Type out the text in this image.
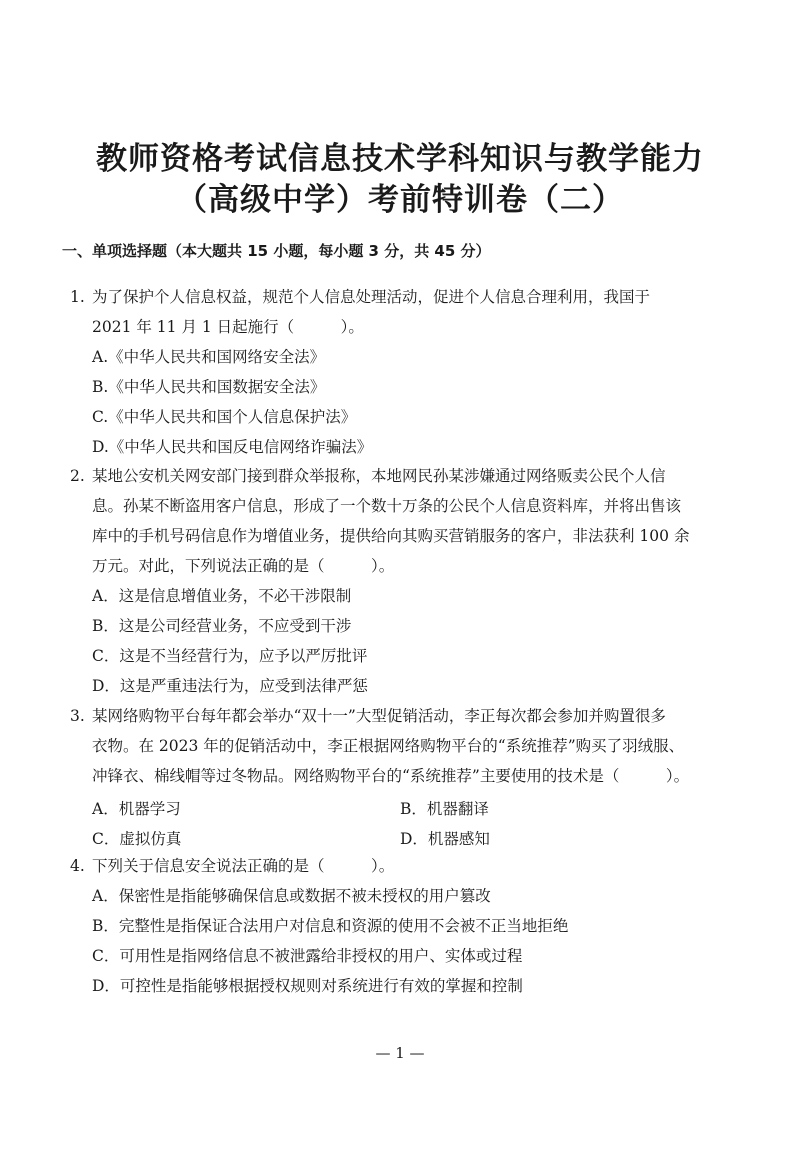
教师资格考试信息技术学科知识与教学能力
（高级中学）考前特训卷（二）
一、单项选择题（本大题共 15 小题，每小题 3 分，共 45 分）
1. 为了保护个人信息权益，规范个人信息处理活动，促进个人信息合理利用，我国于
2021 年 11 月 1 日起施行（　　　）。
A.《中华人民共和国网络安全法》
B.《中华人民共和国数据安全法》
C.《中华人民共和国个人信息保护法》
D.《中华人民共和国反电信网络诈骗法》
2. 某地公安机关网安部门接到群众举报称，本地网民孙某涉嫌通过网络贩卖公民个人信
息。孙某不断盗用客户信息，形成了一个数十万条的公民个人信息资料库，并将出售该
库中的手机号码信息作为增值业务，提供给向其购买营销服务的客户，非法获利 100 余
万元。对此，下列说法正确的是（　　　）。
A．这是信息增值业务，不必干涉限制
B．这是公司经营业务，不应受到干涉
C．这是不当经营行为，应予以严厉批评
D．这是严重违法行为，应受到法律严惩
3. 某网络购物平台每年都会举办“双十一”大型促销活动，李正每次都会参加并购置很多
衣物。在 2023 年的促销活动中，李正根据网络购物平台的“系统推荐”购买了羽绒服、
冲锋衣、棉线帽等过冬物品。网络购物平台的“系统推荐”主要使用的技术是（　　　）。
A．机器学习	B．机器翻译
C．虚拟仿真	D．机器感知
4. 下列关于信息安全说法正确的是（　　　）。
A．保密性是指能够确保信息或数据不被未授权的用户篡改
B．完整性是指保证合法用户对信息和资源的使用不会被不正当地拒绝
C．可用性是指网络信息不被泄露给非授权的用户、实体或过程
D．可控性是指能够根据授权规则对系统进行有效的掌握和控制
— 1 —
